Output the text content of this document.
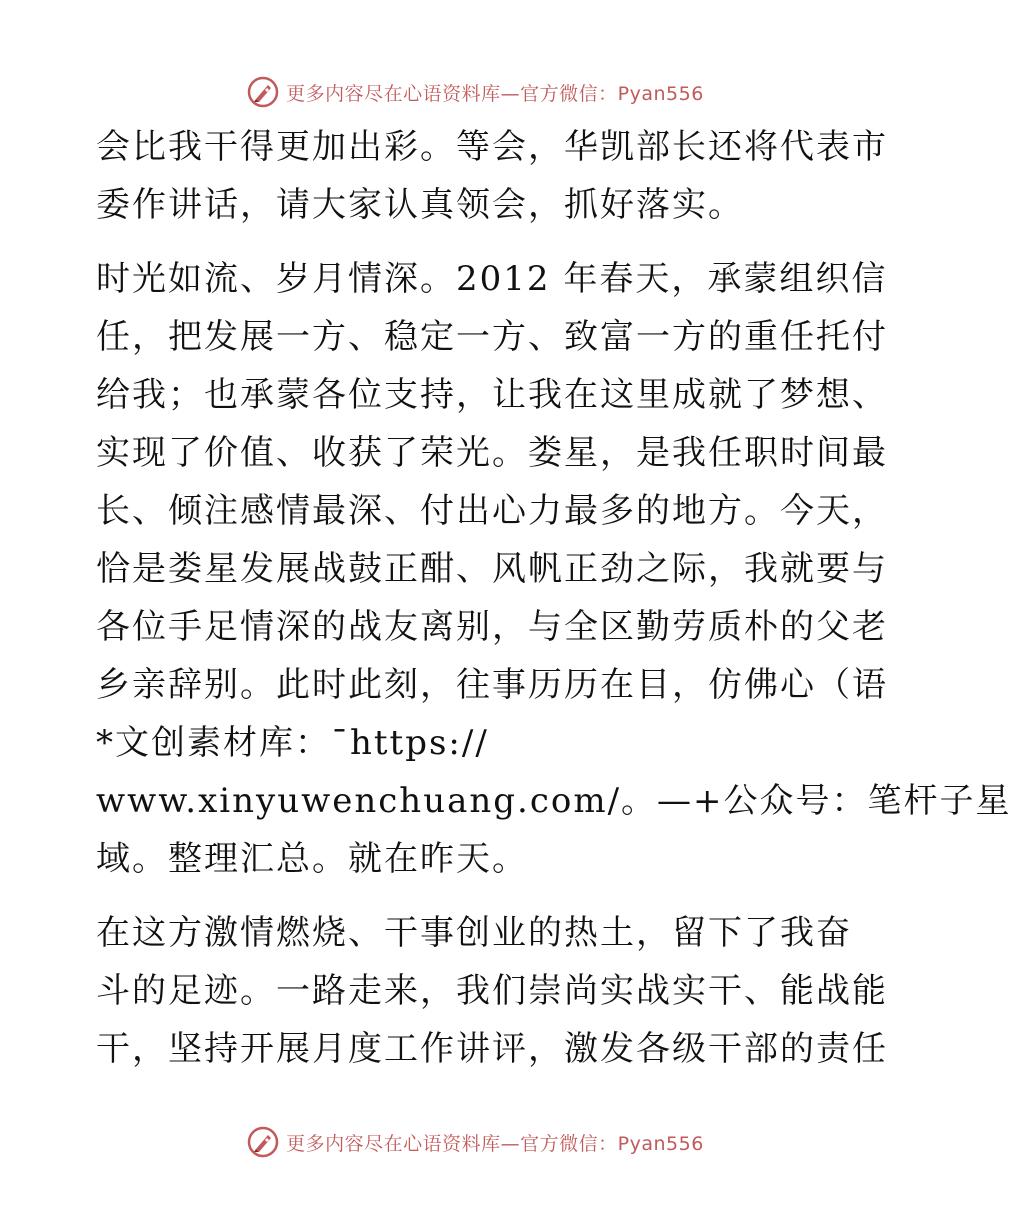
更多内容尽在心语资料库—官方微信：Pyan556

会比我干得更加出彩。等会，华凯部长还将代表市
委作讲话，请大家认真领会，抓好落实。

时光如流、岁月情深。2012 年春天，承蒙组织信
任，把发展一方、稳定一方、致富一方的重任托付
给我；也承蒙各位支持，让我在这里成就了梦想、
实现了价值、收获了荣光。娄星，是我任职时间最
长、倾注感情最深、付出心力最多的地方。今天，
恰是娄星发展战鼓正酣、风帆正劲之际，我就要与
各位手足情深的战友离别，与全区勤劳质朴的父老
乡亲辞别。此时此刻，往事历历在目，仿佛心（语
*文创素材库：¯https://
www.xinyuwenchuang.com/。—+公众号：笔杆子星
域。整理汇总。就在昨天。

在这方激情燃烧、干事创业的热土，留下了我奋
斗的足迹。一路走来，我们崇尚实战实干、能战能
干，坚持开展月度工作讲评，激发各级干部的责任

更多内容尽在心语资料库—官方微信：Pyan556
